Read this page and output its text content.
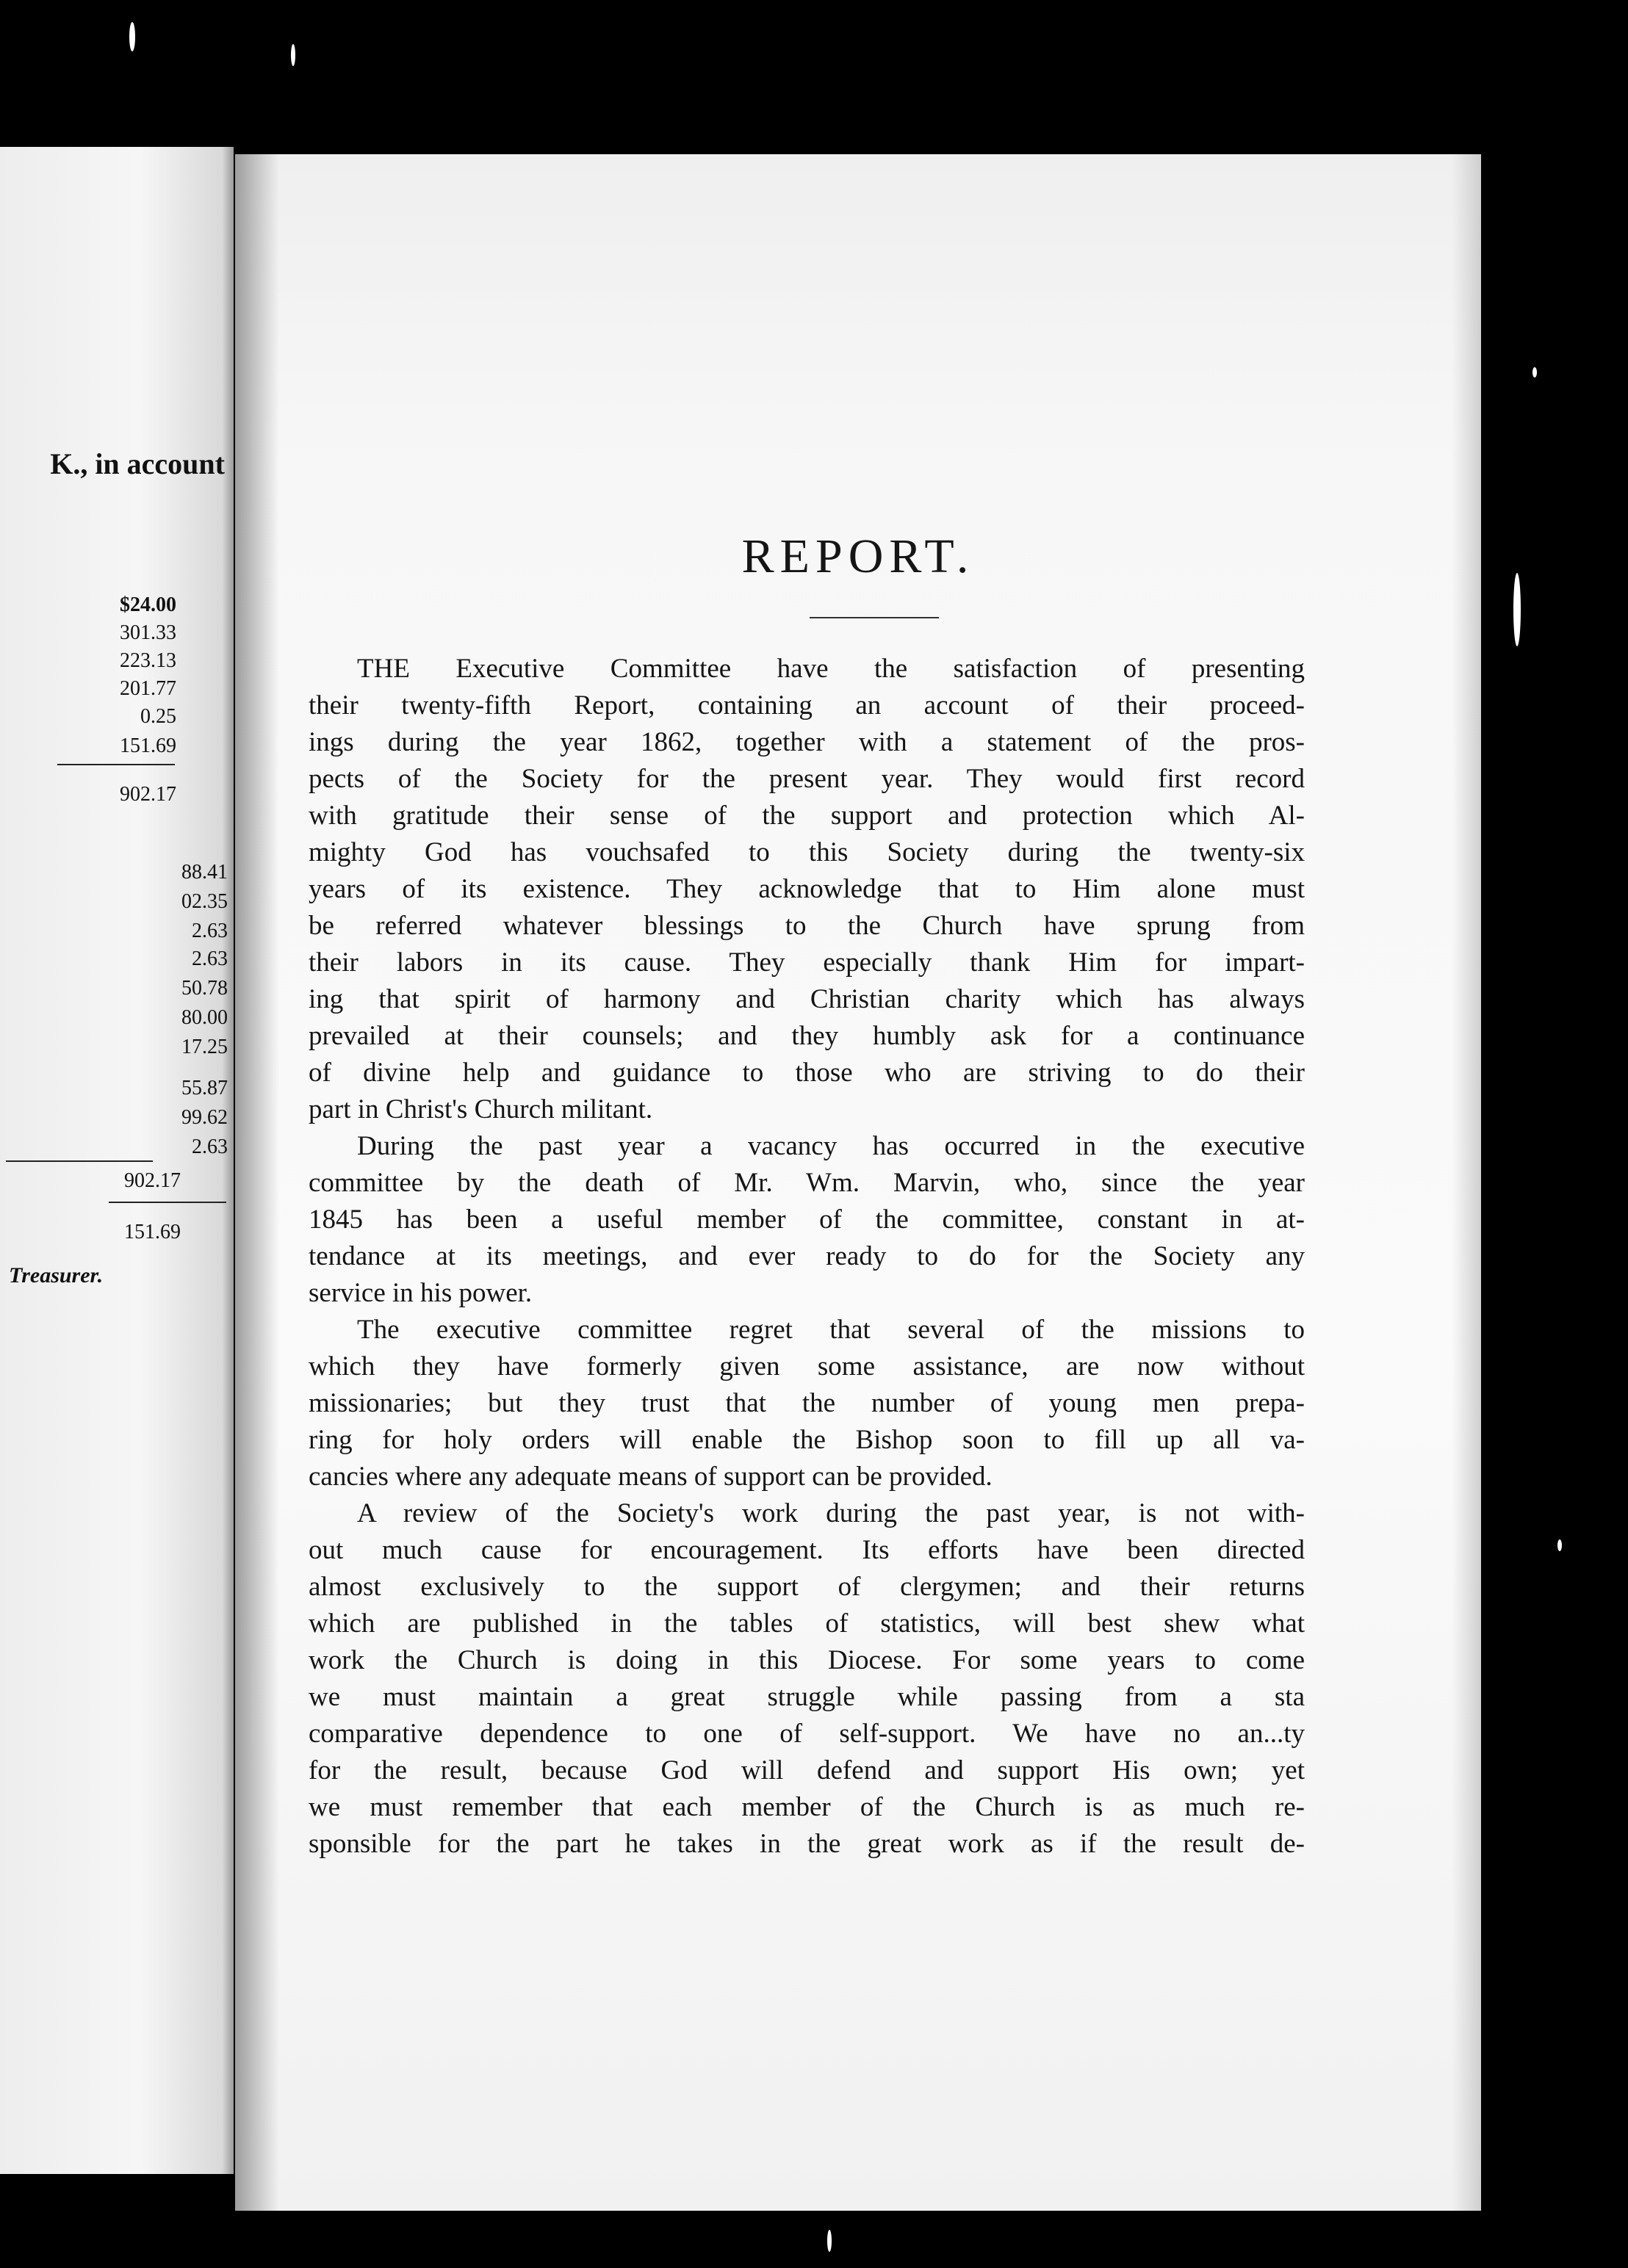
K., in account
$24.00
301.33
223.13
201.77
0.25
151.69
902.17
88.41
02.35
2.63
2.63
50.78
80.00
17.25
55.87
99.62
2.63
902.17
151.69
Treasurer.
REPORT.
THE Executive Committee have the satisfaction of presenting
their twenty-fifth Report, containing an account of their proceed-
ings during the year 1862, together with a statement of the pros-
pects of the Society for the present year. They would first record
with gratitude their sense of the support and protection which Al-
mighty God has vouchsafed to this Society during the twenty-six
years of its existence. They acknowledge that to Him alone must
be referred whatever blessings to the Church have sprung from
their labors in its cause. They especially thank Him for impart-
ing that spirit of harmony and Christian charity which has always
prevailed at their counsels; and they humbly ask for a continuance
of divine help and guidance to those who are striving to do their
part in Christ's Church militant.
During the past year a vacancy has occurred in the executive
committee by the death of Mr. Wm. Marvin, who, since the year
1845 has been a useful member of the committee, constant in at-
tendance at its meetings, and ever ready to do for the Society any
service in his power.
The executive committee regret that several of the missions to
which they have formerly given some assistance, are now without
missionaries; but they trust that the number of young men prepa-
ring for holy orders will enable the Bishop soon to fill up all va-
cancies where any adequate means of support can be provided.
A review of the Society's work during the past year, is not with-
out much cause for encouragement. Its efforts have been directed
almost exclusively to the support of clergymen; and their returns
which are published in the tables of statistics, will best shew what
work the Church is doing in this Diocese. For some years to come
we must maintain a great struggle while passing from a sta
comparative dependence to one of self-support. We have no an...ty
for the result, because God will defend and support His own; yet
we must remember that each member of the Church is as much re-
sponsible for the part he takes in the great work as if the result de-
